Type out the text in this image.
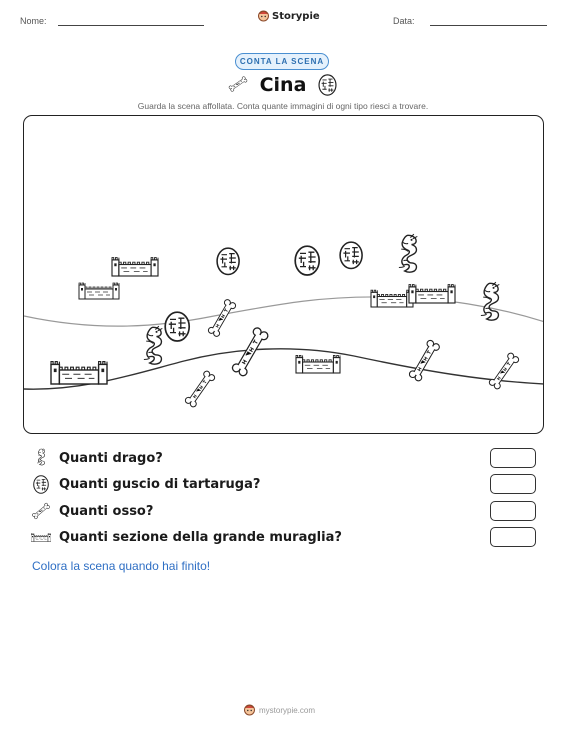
Nome:	Storypie	Data:
CONTA LA SCENA
Cina
Guarda la scena affollata. Conta quante immagini di ogni tipo riesci a trovare.
Quanti drago?
Quanti guscio di tartaruga?
Quanti osso?
Quanti sezione della grande muraglia?
Colora la scena quando hai finito!
mystorypie.com
